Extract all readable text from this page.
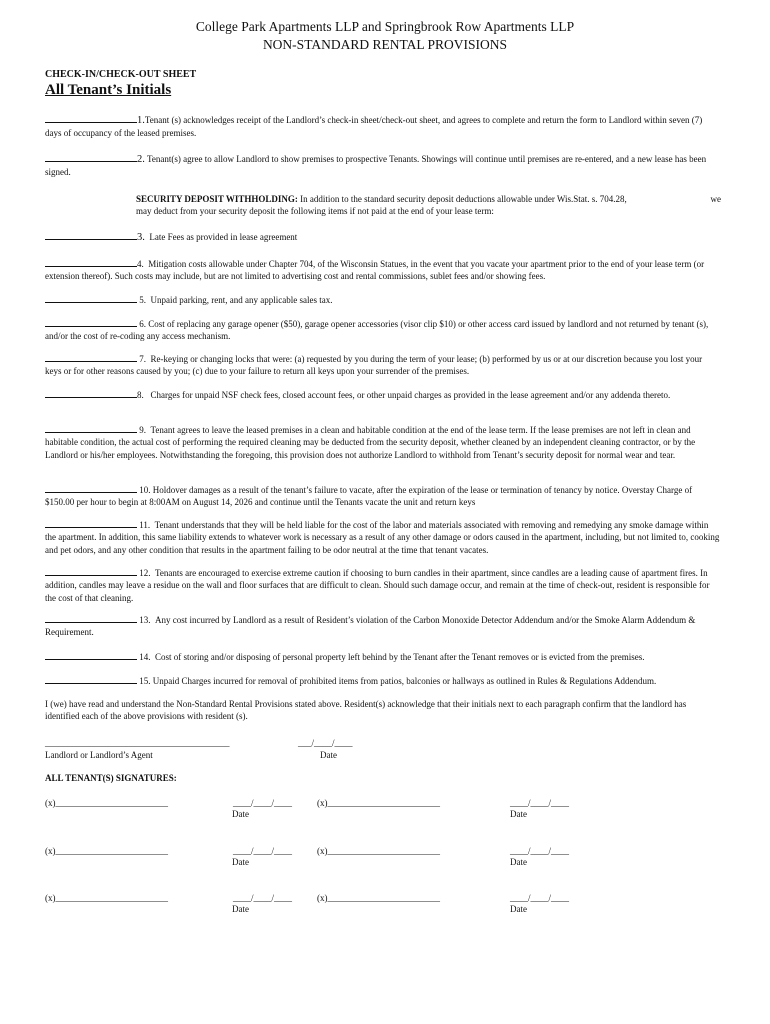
College Park Apartments LLP and Springbrook Row Apartments LLP
NON-STANDARD RENTAL PROVISIONS
CHECK-IN/CHECK-OUT SHEET
All Tenant’s Initials
1.Tenant (s) acknowledges receipt of the Landlord’s check-in sheet/check-out sheet, and agrees to complete and return the form to Landlord within seven (7) days of occupancy of the leased premises.
2. Tenant(s) agree to allow Landlord to show premises to prospective Tenants. Showings will continue until premises are re-entered, and a new lease has been signed.
SECURITY DEPOSIT WITHHOLDING: In addition to the standard security deposit deductions allowable under Wis.Stat. s. 704.28,	we

may deduct from your security deposit the following items if not paid at the end of your lease term:
3. Late Fees as provided in lease agreement
4. Mitigation costs allowable under Chapter 704, of the Wisconsin Statues, in the event that you vacate your apartment prior to the end of your lease term (or extension thereof). Such costs may include, but are not limited to advertising cost and rental commissions, sublet fees and/or showing fees.
5. Unpaid parking, rent, and any applicable sales tax.
6. Cost of replacing any garage opener ($50), garage opener accessories (visor clip $10) or other access card issued by landlord and not returned by tenant (s), and/or the cost of re-coding any access mechanism.
7. Re-keying or changing locks that were: (a) requested by you during the term of your lease; (b) performed by us or at our discretion because you lost your keys or for other reasons caused by you; (c) due to your failure to return all keys upon your surrender of the premises.
8. Charges for unpaid NSF check fees, closed account fees, or other unpaid charges as provided in the lease agreement and/or any addenda thereto.
9. Tenant agrees to leave the leased premises in a clean and habitable condition at the end of the lease term. If the lease premises are not left in clean and habitable condition, the actual cost of performing the required cleaning may be deducted from the security deposit, whether cleaned by an independent cleaning contractor, or by the Landlord or his/her employees. Notwithstanding the foregoing, this provision does not authorize Landlord to withhold from Tenant’s security deposit for normal wear and tear.
10. Holdover damages as a result of the tenant’s failure to vacate, after the expiration of the lease or termination of tenancy by notice. Overstay Charge of $150.00 per hour to begin at 8:00AM on August 14, 2026 and continue until the Tenants vacate the unit and return keys
11. Tenant understands that they will be held liable for the cost of the labor and materials associated with removing and remedying any smoke damage within the apartment. In addition, this same liability extends to whatever work is necessary as a result of any other damage or odors caused in the apartment, including, but not limited to, cooking and pet odors, and any other condition that results in the apartment failing to be odor neutral at the time that tenant vacates.
12. Tenants are encouraged to exercise extreme caution if choosing to burn candles in their apartment, since candles are a leading cause of apartment fires. In addition, candles may leave a residue on the wall and floor surfaces that are difficult to clean. Should such damage occur, and remain at the time of check-out, resident is responsible for the cost of that cleaning.
13. Any cost incurred by Landlord as a result of Resident’s violation of the Carbon Monoxide Detector Addendum and/or the Smoke Alarm Addendum & Requirement.
14. Cost of storing and/or disposing of personal property left behind by the Tenant after the Tenant removes or is evicted from the premises.
15. Unpaid Charges incurred for removal of prohibited items from patios, balconies or hallways as outlined in Rules & Regulations Addendum.
I (we) have read and understand the Non-Standard Rental Provisions stated above. Resident(s) acknowledge that their initials next to each paragraph confirm that the landlord has identified each of the above provisions with resident (s).
_________________________________________	___/____/____
Landlord or Landlord’s Agent	Date
ALL TENANT(S) SIGNATURES:
(x)_________________________	____/____/____
Date
(x)_________________________	____/____/____
Date
(x)_________________________	____/____/____
Date
(x)_________________________	____/____/____
Date
(x)_________________________	____/____/____
Date
(x)_________________________	____/____/____
Date
